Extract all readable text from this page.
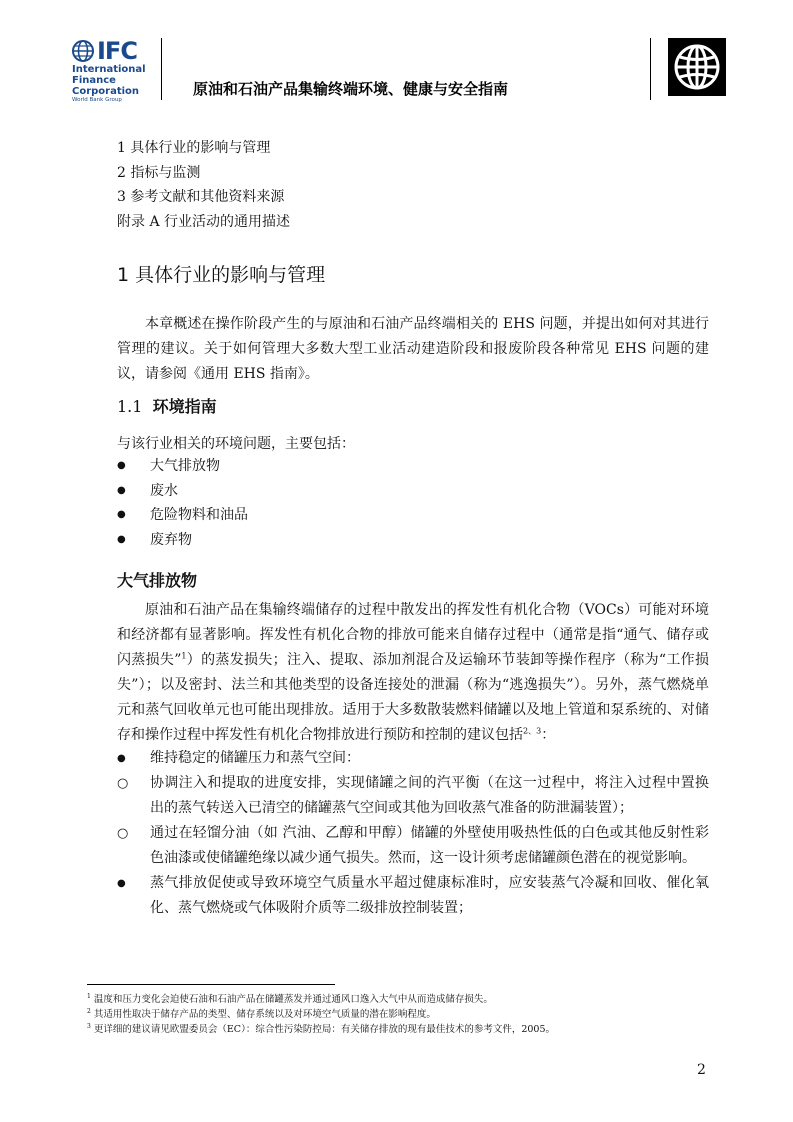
IFC
International
Finance
Corporation
World Bank Group
原油和石油产品集输终端环境、健康与安全指南
1 具体行业的影响与管理
2 指标与监测
3 参考文献和其他资料来源
附录 A 行业活动的通用描述
1 具体行业的影响与管理

本章概述在操作阶段产生的与原油和石油产品终端相关的 EHS 问题，并提出如何对其进行管理的建议。关于如何管理大多数大型工业活动建造阶段和报废阶段各种常见 EHS 问题的建议，请参阅《通用 EHS 指南》。

1.1 环境指南

与该行业相关的环境问题，主要包括：

●	大气排放物
●	废水
●	危险物料和油品
●	废弃物
大气排放物

原油和石油产品在集输终端储存的过程中散发出的挥发性有机化合物（VOCs）可能对环境和经济都有显著影响。挥发性有机化合物的排放可能来自储存过程中（通常是指“通气、储存或闪蒸损失”$^1$）的蒸发损失；注入、提取、添加剂混合及运输环节装卸等操作程序（称为“工作损失”）；以及密封、法兰和其他类型的设备连接处的泄漏（称为“逃逸损失”）。另外，蒸气燃烧单元和蒸气回收单元也可能出现排放。适用于大多数散装燃料储罐以及地上管道和泵系统的、对储存和操作过程中挥发性有机化合物排放进行预防和控制的建议包括$^{2、3}$：

●	维持稳定的储罐压力和蒸气空间：
○	协调注入和提取的进度安排，实现储罐之间的汽平衡（在这一过程中，将注入过程中置换出的蒸气转送入已清空的储罐蒸气空间或其他为回收蒸气准备的防泄漏装置）；
○	通过在轻馏分油（如 汽油、乙醇和甲醇）储罐的外壁使用吸热性低的白色或其他反射性彩色油漆或使储罐绝缘以减少通气损失。然而，这一设计须考虑储罐颜色潜在的视觉影响。
●	蒸气排放促使或导致环境空气质量水平超过健康标准时，应安装蒸气冷凝和回收、催化氧化、蒸气燃烧或气体吸附介质等二级排放控制装置；
$^1$ 温度和压力变化会迫使石油和石油产品在储罐蒸发并通过通风口逸入大气中从而造成储存损失。
$^2$ 其适用性取决于储存产品的类型、储存系统以及对环境空气质量的潜在影响程度。
$^3$ 更详细的建议请见欧盟委员会（EC）：综合性污染防控局：有关储存排放的现有最佳技术的参考文件，2005。
2
